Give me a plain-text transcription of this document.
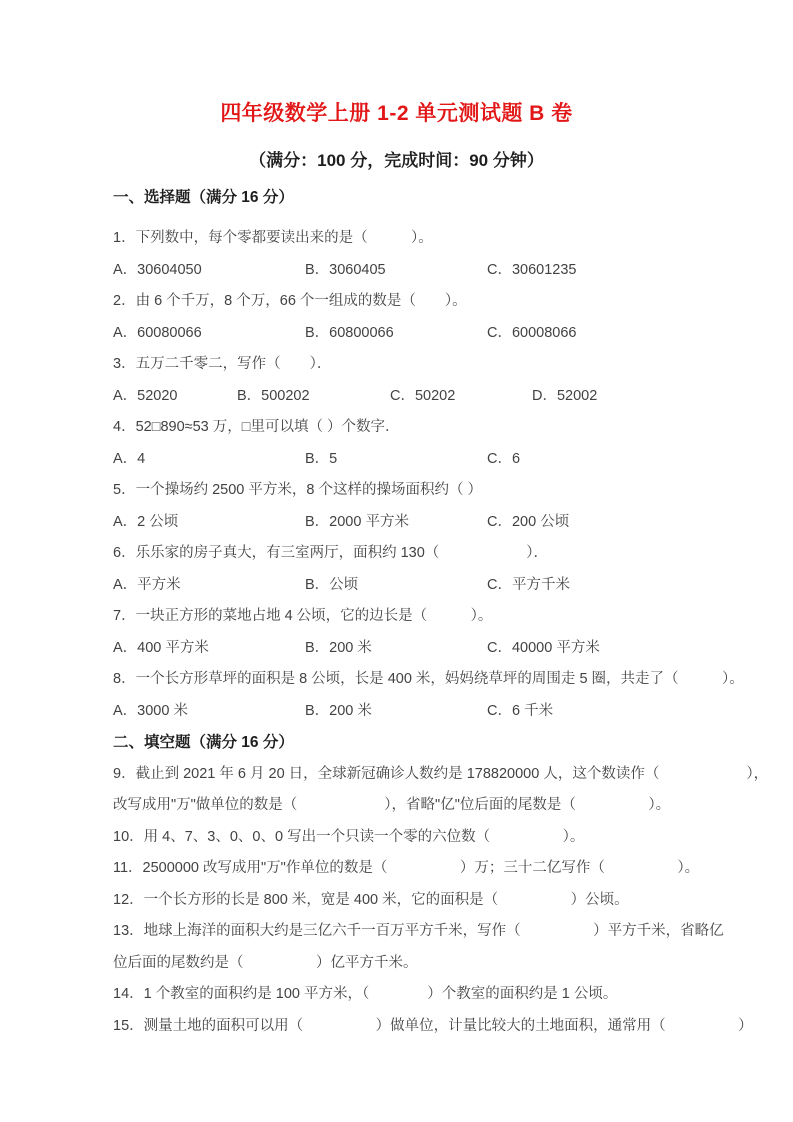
四年级数学上册 1-2 单元测试题 B 卷
（满分：100 分，完成时间：90 分钟）
一、选择题（满分 16 分）
1．下列数中，每个零都要读出来的是（　　　）。
A．30604050	B．3060405	C．30601235
2．由 6 个千万，8 个万，66 个一组成的数是（　　）。
A．60080066	B．60800066	C．60008066
3．五万二千零二，写作（　　）．
A．52020	B．500202	C．50202	D．52002
4．52□890≈53 万，□里可以填（ ）个数字．
A．4	B．5	C．6
5．一个操场约 2500 平方米，8 个这样的操场面积约（ ）
A．2 公顷	B．2000 平方米	C．200 公顷
6．乐乐家的房子真大，有三室两厅，面积约 130（　　　　　　）．
A．平方米	B．公顷	C．平方千米
7．一块正方形的菜地占地 4 公顷，它的边长是（　　　）。
A．400 平方米	B．200 米	C．40000 平方米
8．一个长方形草坪的面积是 8 公顷，长是 400 米，妈妈绕草坪的周围走 5 圈，共走了（　　　）。
A．3000 米	B．200 米	C．6 千米
二、填空题（满分 16 分）
9．截止到 2021 年 6 月 20 日，全球新冠确诊人数约是 178820000 人，这个数读作（　　　　　　），
改写成用"万"做单位的数是（　　　　　　），省略"亿"位后面的尾数是（　　　　　）。
10．用 4、7、3、0、0、0 写出一个只读一个零的六位数（　　　　　）。
11．2500000 改写成用"万"作单位的数是（　　　　　）万；三十二亿写作（　　　　　）。
12．一个长方形的长是 800 米，宽是 400 米，它的面积是（　　　　　）公顷。
13．地球上海洋的面积大约是三亿六千一百万平方千米，写作（　　　　　）平方千米，省略亿
位后面的尾数约是（　　　　　）亿平方千米。
14．1 个教室的面积约是 100 平方米，（　　　　）个教室的面积约是 1 公顷。
15．测量土地的面积可以用（　　　　　）做单位，计量比较大的土地面积，通常用（　　　　　）
